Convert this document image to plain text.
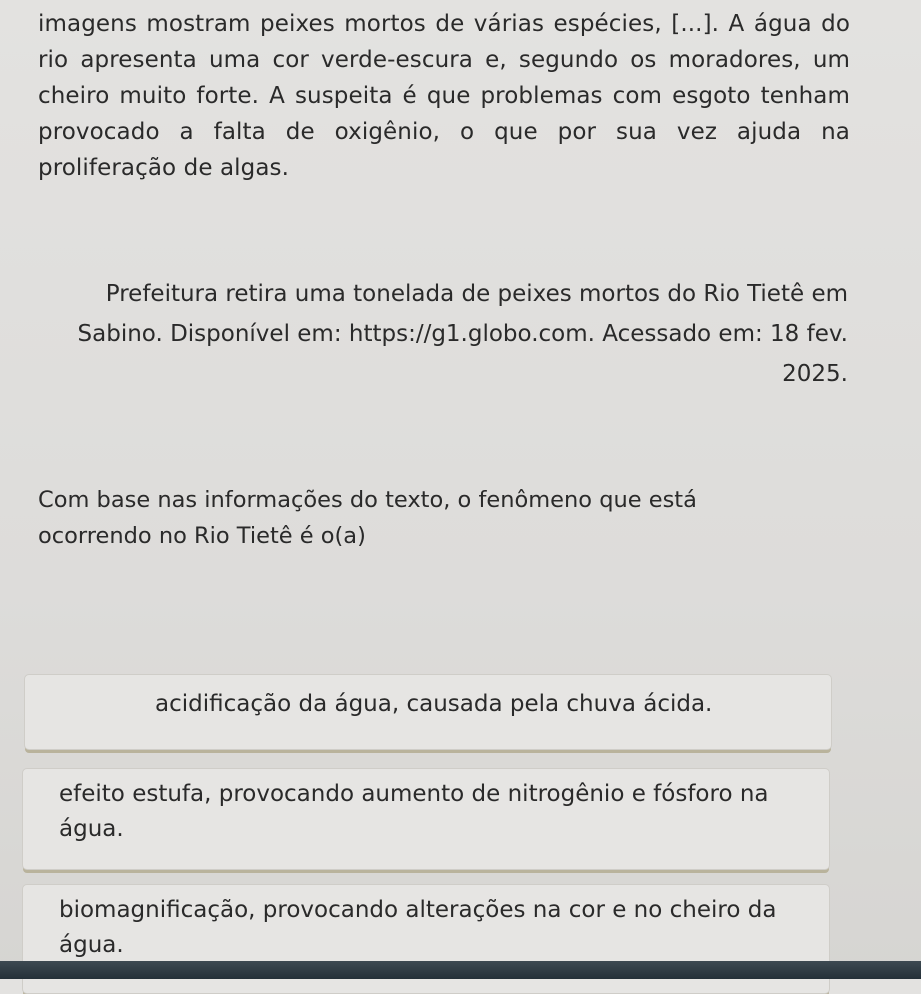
imagens mostram peixes mortos de várias espécies, [...]. A água do rio apresenta uma cor verde-escura e, segundo os moradores, um cheiro muito forte. A suspeita é que problemas com esgoto tenham provocado a falta de oxigênio, o que por sua vez ajuda na proliferação de algas.
Prefeitura retira uma tonelada de peixes mortos do Rio Tietê em Sabino. Disponível em: https://g1.globo.com. Acessado em: 18 fev. 2025.
Com base nas informações do texto, o fenômeno que está ocorrendo no Rio Tietê é o(a)
acidificação da água, causada pela chuva ácida.
efeito estufa, provocando aumento de nitrogênio e fósforo na água.
biomagnificação, provocando alterações na cor e no cheiro da água.
